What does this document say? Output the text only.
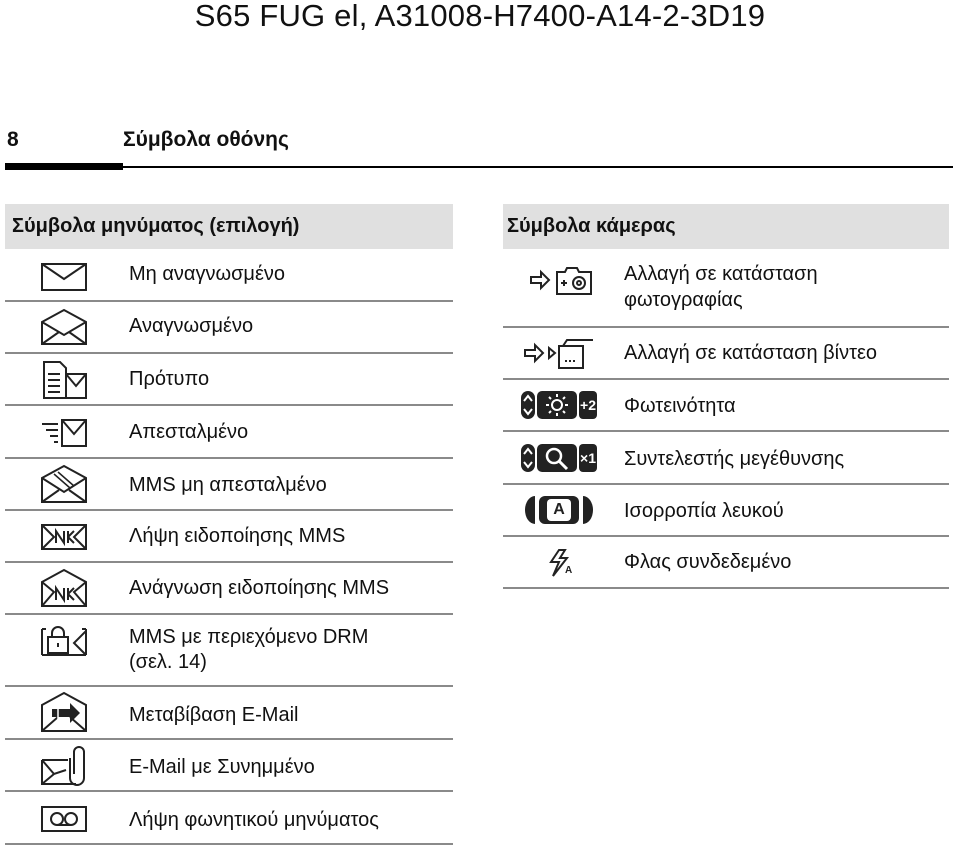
S65 FUG el, A31008-H7400-A14-2-3D19
8	Σύμβολα οθόνης
Σύμβολα μηνύματος (επιλογή)
Μη αναγνωσμένο
Αναγνωσμένο
Πρότυπο
Απεσταλμένο
MMS μη απεσταλμένο
Λήψη ειδοποίησης MMS
Ανάγνωση ειδοποίησης MMS
MMS με περιεχόμενο DRM
(σελ. 14)
Μεταβίβαση E-Mail
E-Mail με Συνημμένο
Λήψη φωνητικού μηνύματος
Σύμβολα κάμερας
Αλλαγή σε κατάσταση
φωτογραφίας
Αλλαγή σε κατάσταση βίντεο
+2 Φωτεινότητα
×1 Συντελεστής μεγέθυνσης
A	Ισορροπία λευκού
A	Φλας συνδεδεμένο
